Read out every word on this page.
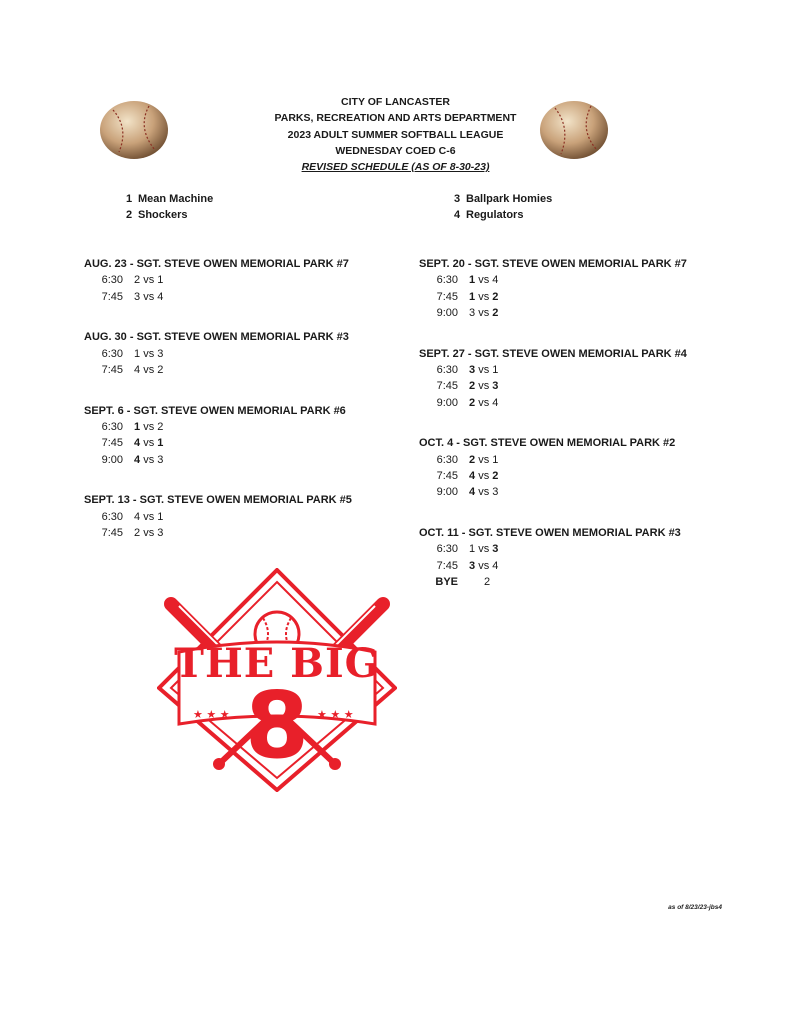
CITY OF LANCASTER
PARKS, RECREATION AND ARTS DEPARTMENT
2023 ADULT SUMMER SOFTBALL LEAGUE
WEDNESDAY COED C-6
REVISED SCHEDULE (AS OF 8-30-23)
1 Mean Machine
2 Shockers
3 Ballpark Homies
4 Regulators
AUG. 23 - SGT. STEVE OWEN MEMORIAL PARK #7
6:30 2 vs 1
7:45 3 vs 4
AUG. 30 - SGT. STEVE OWEN MEMORIAL PARK #3
6:30 1 vs 3
7:45 4 vs 2
SEPT. 6 - SGT. STEVE OWEN MEMORIAL PARK #6
6:30 1 vs 2
7:45 4 vs 1
9:00 4 vs 3
SEPT. 13 - SGT. STEVE OWEN MEMORIAL PARK #5
6:30 4 vs 1
7:45 2 vs 3
SEPT. 20 - SGT. STEVE OWEN MEMORIAL PARK #7
6:30 1 vs 4
7:45 1 vs 2
9:00 3 vs 2
SEPT. 27 - SGT. STEVE OWEN MEMORIAL PARK #4
6:30 3 vs 1
7:45 2 vs 3
9:00 2 vs 4
OCT. 4 - SGT. STEVE OWEN MEMORIAL PARK #2
6:30 2 vs 1
7:45 4 vs 2
9:00 4 vs 3
OCT. 11 - SGT. STEVE OWEN MEMORIAL PARK #3
6:30 1 vs 3
7:45 3 vs 4
BYE 2
★ ★ ★	★ ★ ★
THE BIG
8
as of 8/23/23-jbs4
